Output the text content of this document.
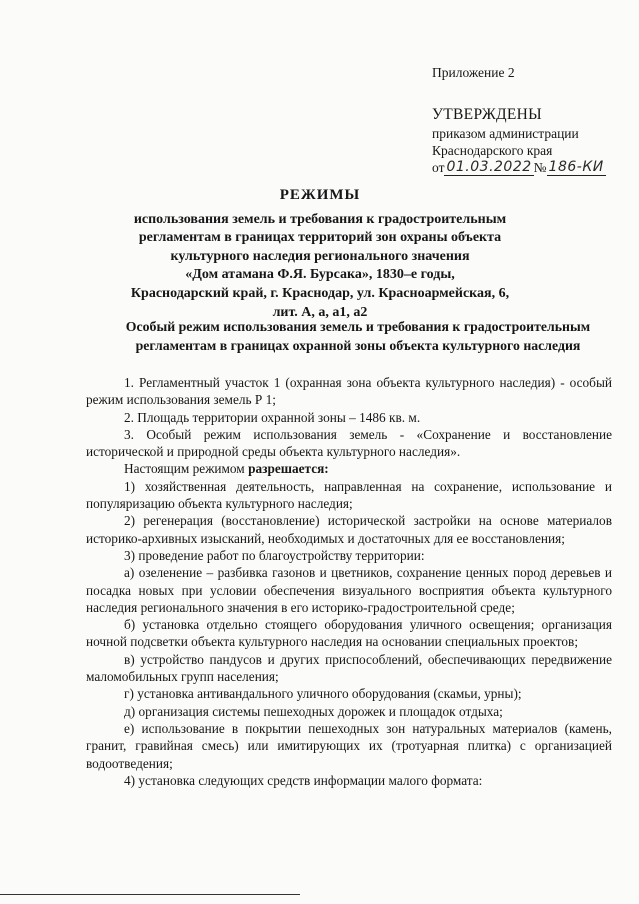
Приложение 2
УТВЕРЖДЕНЫ
приказом администрации
Краснодарского края
от 01.03.2022 № 186-КИ
РЕЖИМЫ
использования земель и требования к градостроительным
регламентам в границах территорий зон охраны объекта
культурного наследия регионального значения
«Дом атамана Ф.Я. Бурсака», 1830–е годы,
Краснодарский край, г. Краснодар, ул. Красноармейская, 6,
лит. А, а, а1, а2
Особый режим использования земель и требования к градостроительным
регламентам в границах охранной зоны объекта культурного наследия

1. Регламентный участок 1 (охранная зона объекта культурного наследия) - особый режим использования земель Р 1;

2. Площадь территории охранной зоны – 1486 кв. м.

3. Особый режим использования земель - «Сохранение и восстановление исторической и природной среды объекта культурного наследия».

Настоящим режимом разрешается:

1) хозяйственная деятельность, направленная на сохранение, использование и популяризацию объекта культурного наследия;

2) регенерация (восстановление) исторической застройки на основе материалов историко-архивных изысканий, необходимых и достаточных для ее восстановления;

3) проведение работ по благоустройству территории:

а) озеленение – разбивка газонов и цветников, сохранение ценных пород деревьев и посадка новых при условии обеспечения визуального восприятия объекта культурного наследия регионального значения в его историко-градостроительной среде;

б) установка отдельно стоящего оборудования уличного освещения; организация ночной подсветки объекта культурного наследия на основании специальных проектов;

в) устройство пандусов и других приспособлений, обеспечивающих передвижение маломобильных групп населения;

г) установка антивандального уличного оборудования (скамьи, урны);

д) организация системы пешеходных дорожек и площадок отдыха;

е) использование в покрытии пешеходных зон натуральных материалов (камень, гранит, гравийная смесь) или имитирующих их (тротуарная плитка) с организацией водоотведения;

4) установка следующих средств информации малого формата:
